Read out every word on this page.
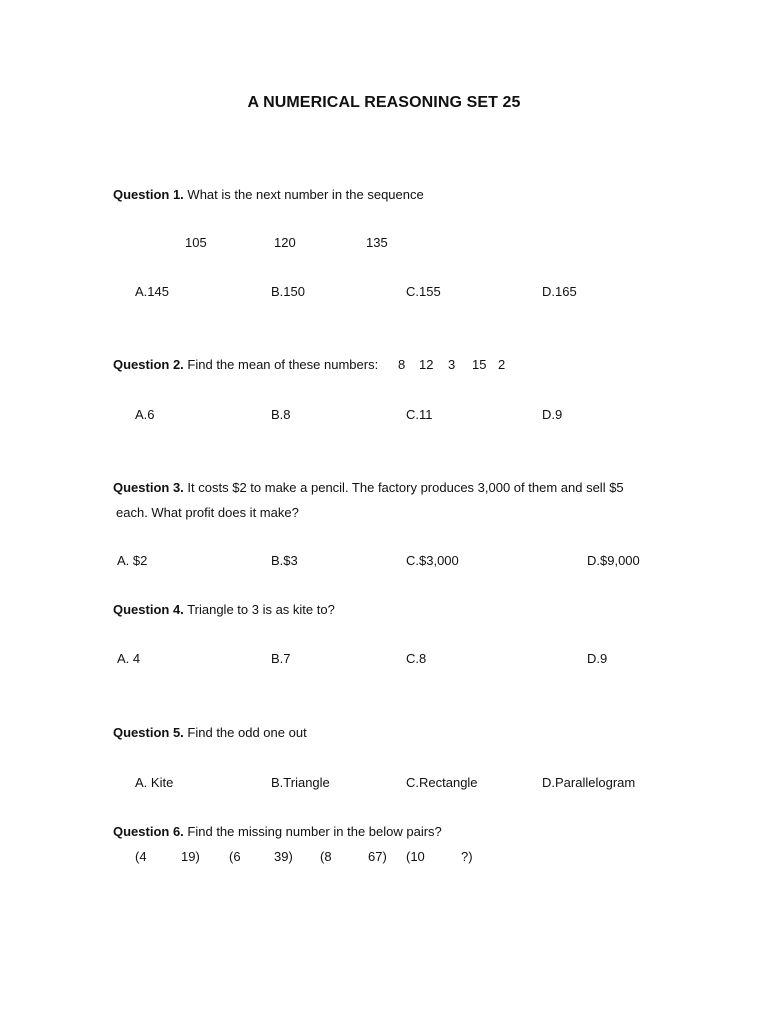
A NUMERICAL REASONING SET 25
Question 1. What is the next number in the sequence
105	120	135
A.145	B.150	C.155	D.165
Question 2. Find the mean of these numbers: 8 12 3 15 2
A.6	B.8	C.11	D.9
Question 3. It costs $2 to make a pencil. The factory produces 3,000 of them and sell $5
each. What profit does it make?
A. $2	B.$3	C.$3,000	D.$9,000
Question 4. Triangle to 3 is as kite to?
A. 4	B.7	C.8	D.9
Question 5. Find the odd one out
A. Kite	B.Triangle	C.Rectangle	D.Parallelogram
Question 6. Find the missing number in the below pairs?
(4	19) (6	39) (8	67) (10	?)
